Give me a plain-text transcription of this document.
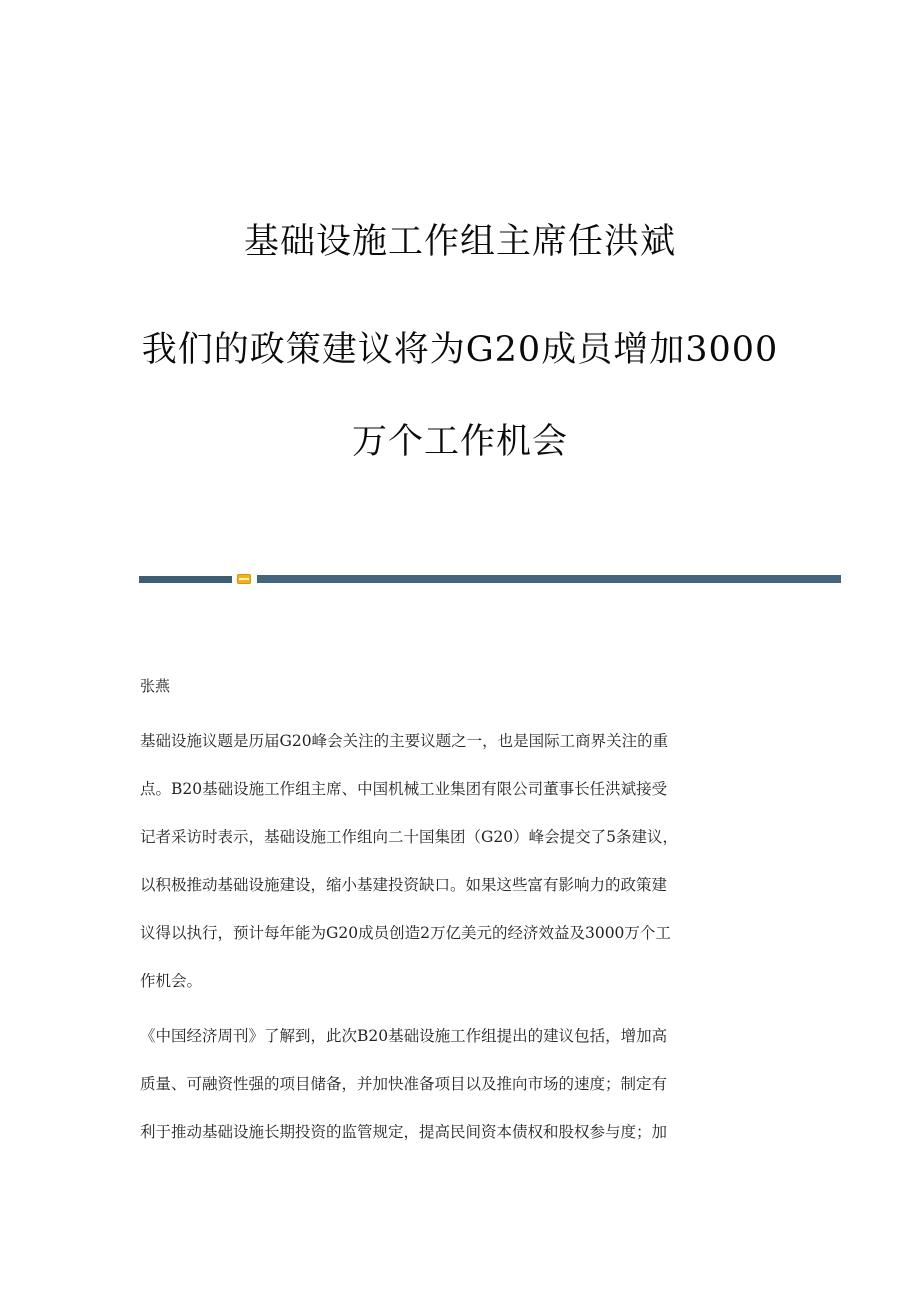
基础设施工作组主席任洪斌
我们的政策建议将为G20成员增加3000
万个工作机会
张燕
基础设施议题是历届G20峰会关注的主要议题之一，也是国际工商界关注的重
点。B20基础设施工作组主席、中国机械工业集团有限公司董事长任洪斌接受
记者采访时表示，基础设施工作组向二十国集团（G20）峰会提交了5条建议，
以积极推动基础设施建设，缩小基建投资缺口。如果这些富有影响力的政策建
议得以执行，预计每年能为G20成员创造2万亿美元的经济效益及3000万个工
作机会。
《中国经济周刊》了解到，此次B20基础设施工作组提出的建议包括，增加高
质量、可融资性强的项目储备，并加快准备项目以及推向市场的速度；制定有
利于推动基础设施长期投资的监管规定，提高民间资本债权和股权参与度；加
